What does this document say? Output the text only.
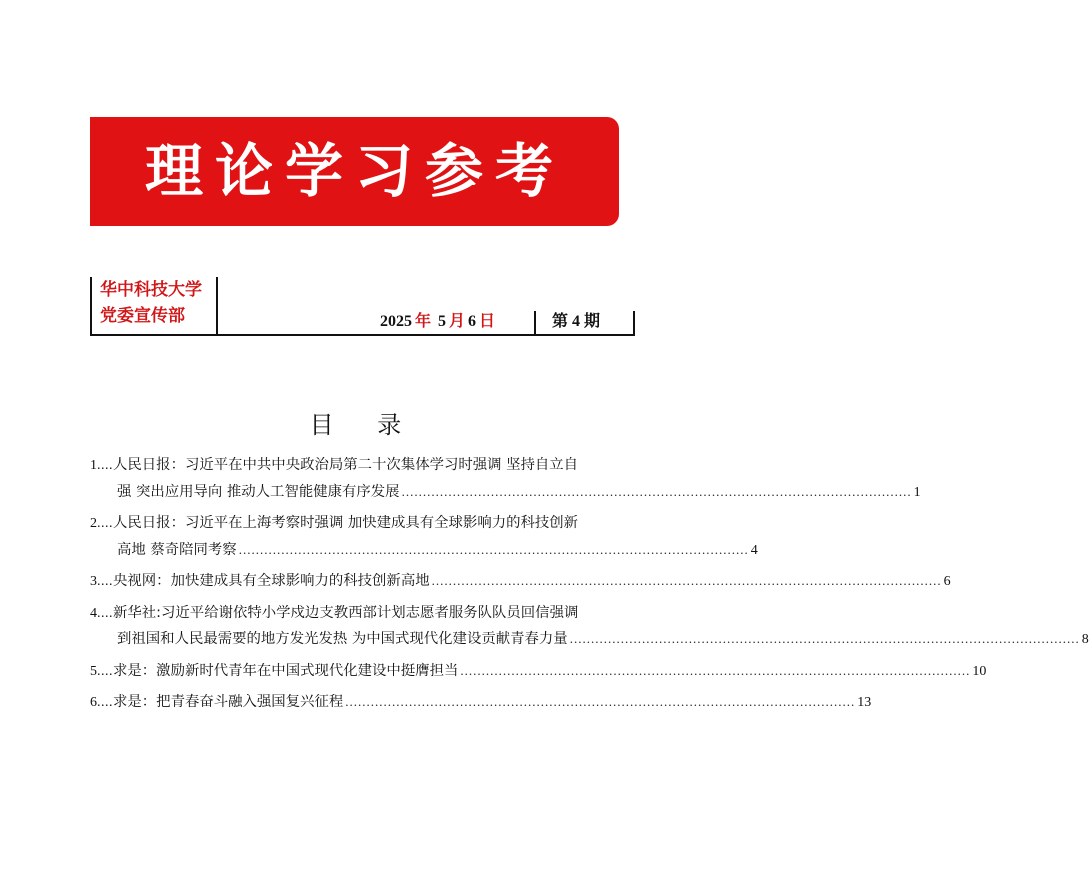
理论学习参考
华中科技大学
党委宣传部	2025 年 5 月 6 日	第 4 期
目 录
1 .... 人民日报：习近平在中共中央政治局第二十次集体学习时强调 坚持自立自
强 突出应用导向 推动人工智能健康有序发展 ........................................................................................................................ 1
2 .... 人民日报：习近平在上海考察时强调 加快建成具有全球影响力的科技创新
高地 蔡奇陪同考察 ........................................................................................................................ 4
3 .... 央视网：加快建成具有全球影响力的科技创新高地 ........................................................................................................................ 6
4 .... 新华社:习近平给谢依特小学戍边支教西部计划志愿者服务队队员回信强调
到祖国和人民最需要的地方发光发热 为中国式现代化建设贡献青春力量 ........................................................................................................................ 8
5 .... 求是：激励新时代青年在中国式现代化建设中挺膺担当 ........................................................................................................................ 10
6 .... 求是：把青春奋斗融入强国复兴征程 ........................................................................................................................ 13
